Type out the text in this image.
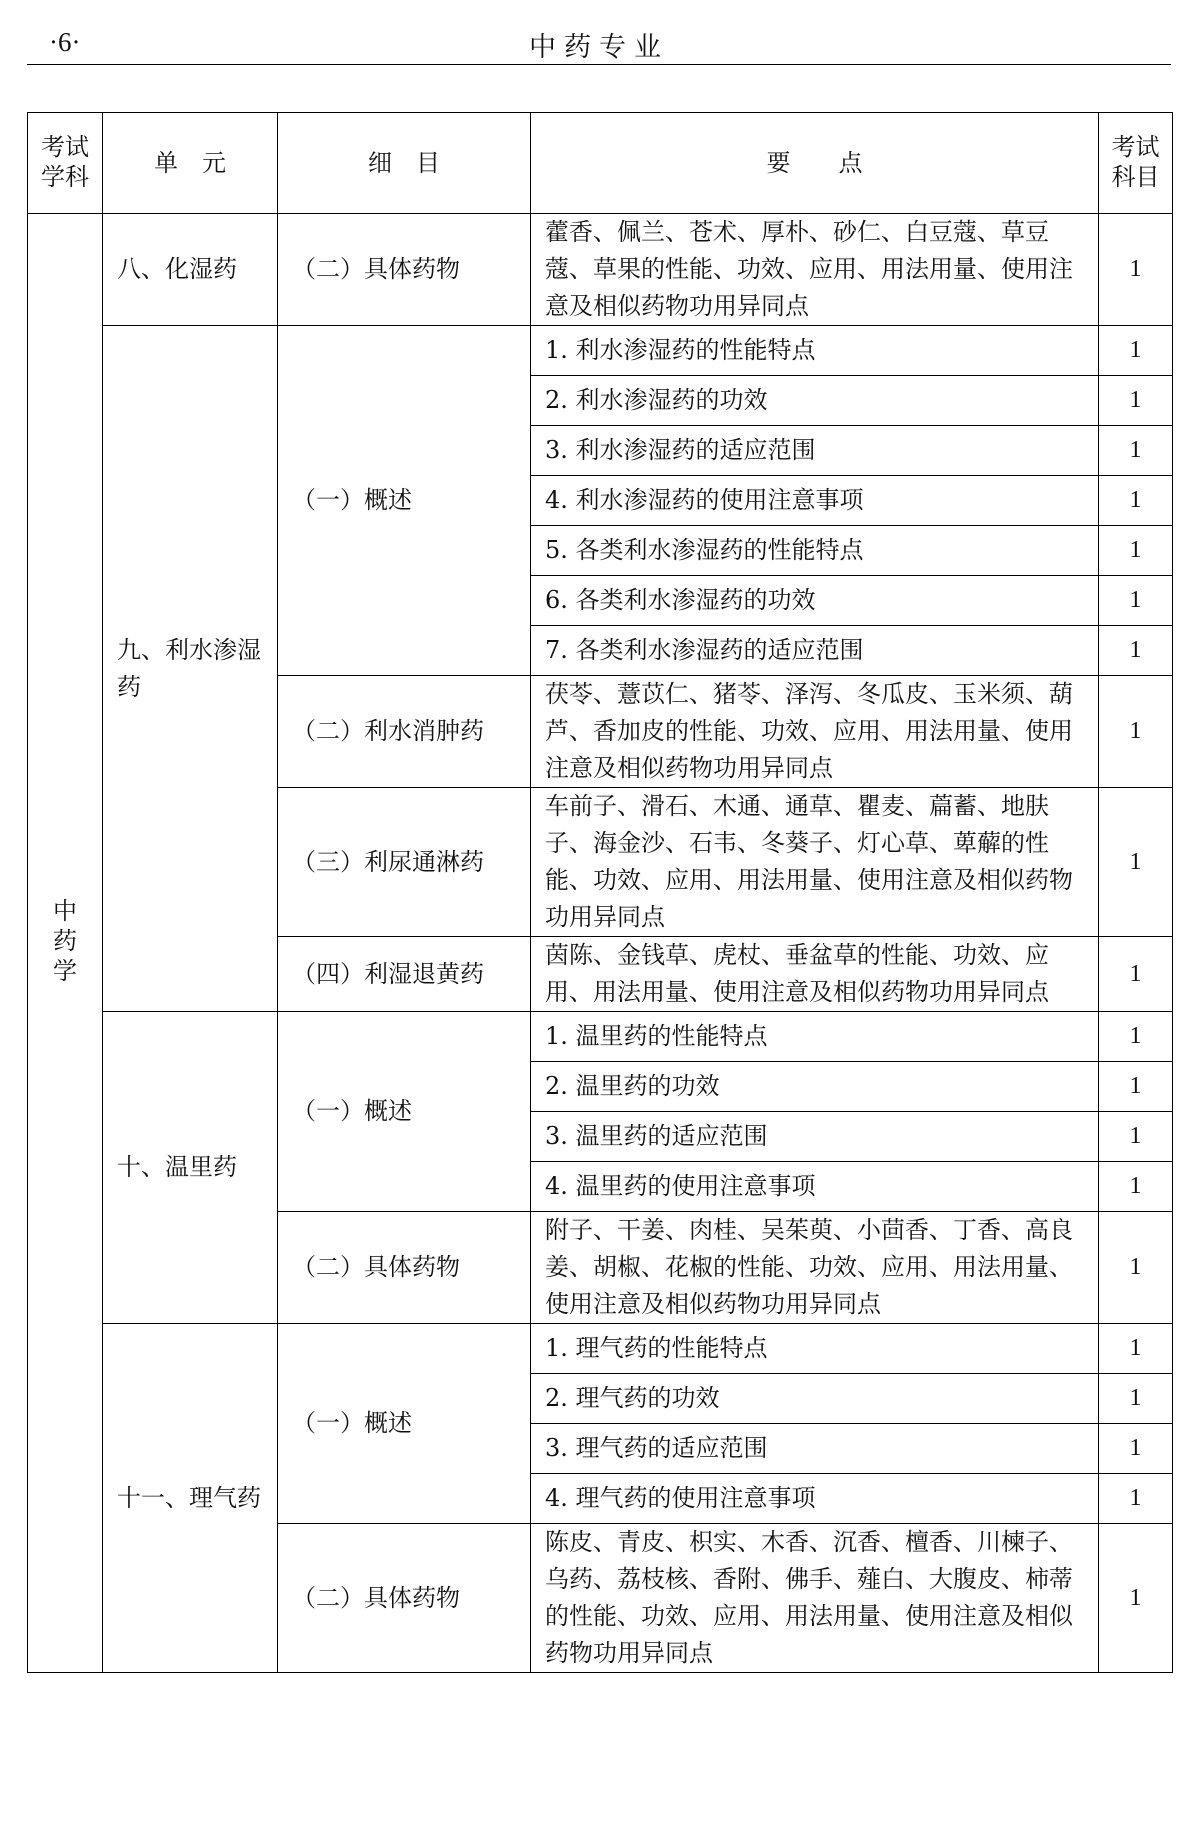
·6·	中药专业
考试学科	单　元	细　目	要　　点	考试科目
中药学	八、化湿药	（二）具体药物	藿香、佩兰、苍术、厚朴、砂仁、白豆蔻、草豆蔻、草果的性能、功效、应用、用法用量、使用注意及相似药物功用异同点	1
	九、利水渗湿药	（一）概述	1. 利水渗湿药的性能特点	1
			2. 利水渗湿药的功效	1
			3. 利水渗湿药的适应范围	1
			4. 利水渗湿药的使用注意事项	1
			5. 各类利水渗湿药的性能特点	1
			6. 各类利水渗湿药的功效	1
			7. 各类利水渗湿药的适应范围	1
		（二）利水消肿药	茯苓、薏苡仁、猪苓、泽泻、冬瓜皮、玉米须、葫芦、香加皮的性能、功效、应用、用法用量、使用注意及相似药物功用异同点	1
		（三）利尿通淋药	车前子、滑石、木通、通草、瞿麦、萹蓄、地肤子、海金沙、石韦、冬葵子、灯心草、萆薢的性能、功效、应用、用法用量、使用注意及相似药物功用异同点	1
		（四）利湿退黄药	茵陈、金钱草、虎杖、垂盆草的性能、功效、应用、用法用量、使用注意及相似药物功用异同点	1
	十、温里药	（一）概述	1. 温里药的性能特点	1
			2. 温里药的功效	1
			3. 温里药的适应范围	1
			4. 温里药的使用注意事项	1
		（二）具体药物	附子、干姜、肉桂、吴茱萸、小茴香、丁香、高良姜、胡椒、花椒的性能、功效、应用、用法用量、使用注意及相似药物功用异同点	1
	十一、理气药	（一）概述	1. 理气药的性能特点	1
			2. 理气药的功效	1
			3. 理气药的适应范围	1
			4. 理气药的使用注意事项	1
		（二）具体药物	陈皮、青皮、枳实、木香、沉香、檀香、川楝子、乌药、荔枝核、香附、佛手、薤白、大腹皮、柿蒂的性能、功效、应用、用法用量、使用注意及相似药物功用异同点	1
